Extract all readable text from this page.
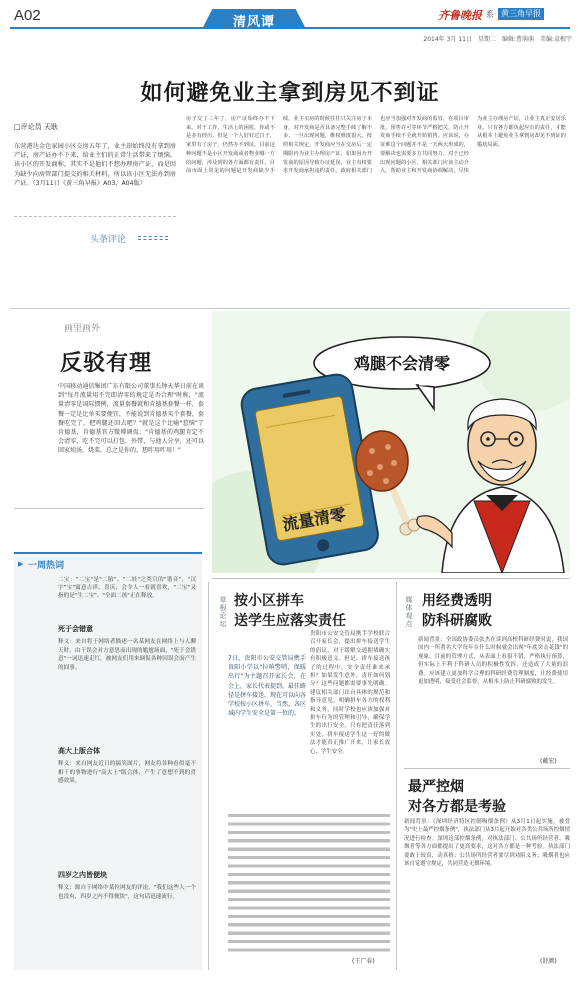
A02	清风谭	齐鲁晚报 系 黄三角早报
2014年 3月 11日　星期二　编辑:曹萌萌　美编:袁根宇
如何避免业主拿到房见不到证
□评论员 天耿
东营港达金色家园小区交房五年了，业主却始终没有拿到房产证，房产证办不下来，给业主们的正常生活带来了烦恼。该小区的开发商称，其实不是他们不想办理房产证，而是因为缺少向房管部门提交的相关材料，所以该小区无法办到房产证。（3月11日《黄三角早报》A03、A04版）
头条评论
房子交了三年了，房产证始终办不下来。对于工作、生活上的困扰，你或不是多有经历，但是一个人好好过日子，家里有了房子，仍然办不到证。目前这种问题不是小区开发商或者物业哪一方的问题，涉及到的各方面都有责任，目前市面上常见的问题是开发商缺少手续。业主买房的时候往往只关注房子本身，对开发商是否具备完整手续了解不多，一旦出现问题，维权难度很大。按照相关规定，开发商应当在交房后一定期限内为业主办理房产证，如果因为开发商的原因导致办证延误，业主有权要求开发商承担违约责任。政府相关部门也应当加强对开发商的监管，在项目审批、预售许可等环节严格把关，防止开发商手续不全就开始销售。应该说，办证难这个问题并不是一天两天形成的，要解决也需要多方共同努力。对于已经出现问题的小区，相关部门应该主动介入，帮助业主和开发商协调解决，尽快为业主办理房产证，让业主真正安居乐业。只有各方都负起应有的责任，才能从根本上避免业主拿到房却见不到证的尴尬局面。
画里画外
反驳有理
中国移动通信集团广东有限公司董事长钟天华日前在谈到"每月流量用不完即清零的规定是否合理"时称，"流量清零是国际惯例，流量套餐就和肯德基套餐一样，套餐一定是比单买要便宜，不能说到肯德基买个套餐，套餐吃完了，把鸡腿还回去吧？"就是这个比喻"惹恼"了肯德基，肯德基官方微博调侃："肯德基的鸡腿肯定不会清零，吃不完可以打包，外带，与他人分享，还可以回家炖汤，烧菜，总之是你的，想咋用咋用！"
鸡腿不会清零
流量清零
▶ 一周热词
二宝："二宝"是"二胎"、"二娃"之类宣的"谐音"，"汉字"宝"寓意吉祥、喜庆，会令人一看就喜欢，"二宝"又指的是"生二宝"、"全面二孩"正在释放。
死于会错意
释义：来自将于网络者描述一名某网友在网络上与人聊天时，由于误会对方意思而出现的尴尬场面，"死于会错意"一词迅速走红，被网友们用来调侃各种因误会而产生的囧事。
高大上版合体
释义：来自网友近日的搞笑图片，网友将各种看似毫不相干的事物进行"高大上"版合体，产生了意想不到的喜感效果。
四岁之内皆便块
释义：源自于网络中某位网友的评论，"我们这些人一个也没有，四岁之内不得便块"，这句话迅速流行。
草根论坛 按小区拼车
送学生应落实责任
贵阳市公安交管局携手学校联合召开家长会，提出拼车接送学生的倡议，对于缓解交通拥堵确实有积极意义。但是，拼车接送孩子的过程中，安全责任谁来承担？如果发生意外，责任如何划分？这些问题都需要事先明确。建议相关部门出台具体的规范和指导意见，明确拼车各方的权利和义务，同时学校也应该加强对拼车行为的管理和引导，确保学生的出行安全。只有把责任落到实处，拼车接送学生这一好的做法才能真正推广开来，让家长放心、学生安全。
7日，贵阳市公安交管局携手贵阳小学以"拉响警哨，保暖出行"为主题召开家长会，在会上，家长代表提到，最佳路径是拼车接送，现在可以向各学校按小区拼车，当然，各区域内学生安全是第一位的。
(王广春)
媒体观点 用经费透明
防科研腐败
新闻背景：全国政协委员张杰在谈到高校科研经费时说，我国国内一所著名大学每年在什么时候就会出现"年底突击花钱"的现象。目前的管理方式，从表面上看很不错，严格执行预算，但实际上不利于科研人员的积极性发挥，还造成了大量的浪费。应该建立更加科学合理的科研经费管理制度，让经费使用更加透明，接受社会监督，从根本上防止科研腐败的发生。
(戴宏)
最严控烟
对各方都是考验
新闻背景：《深圳经济特区控制吸烟条例》从3月1日起实施，被誉为"史上最严控烟条例"，执法部门从3月起开始对各类公共场所控烟情况进行检查。深圳这部控烟条例，对执法部门、公共场所经营者、吸烟者等各方面都提出了更高要求，这对各方都是一种考验。执法部门要敢于较真，动真格；公共场所经营者要尽到劝阻义务；吸烟者也应该自觉遵守规定，共同营造无烟环境。
(舒颜)
